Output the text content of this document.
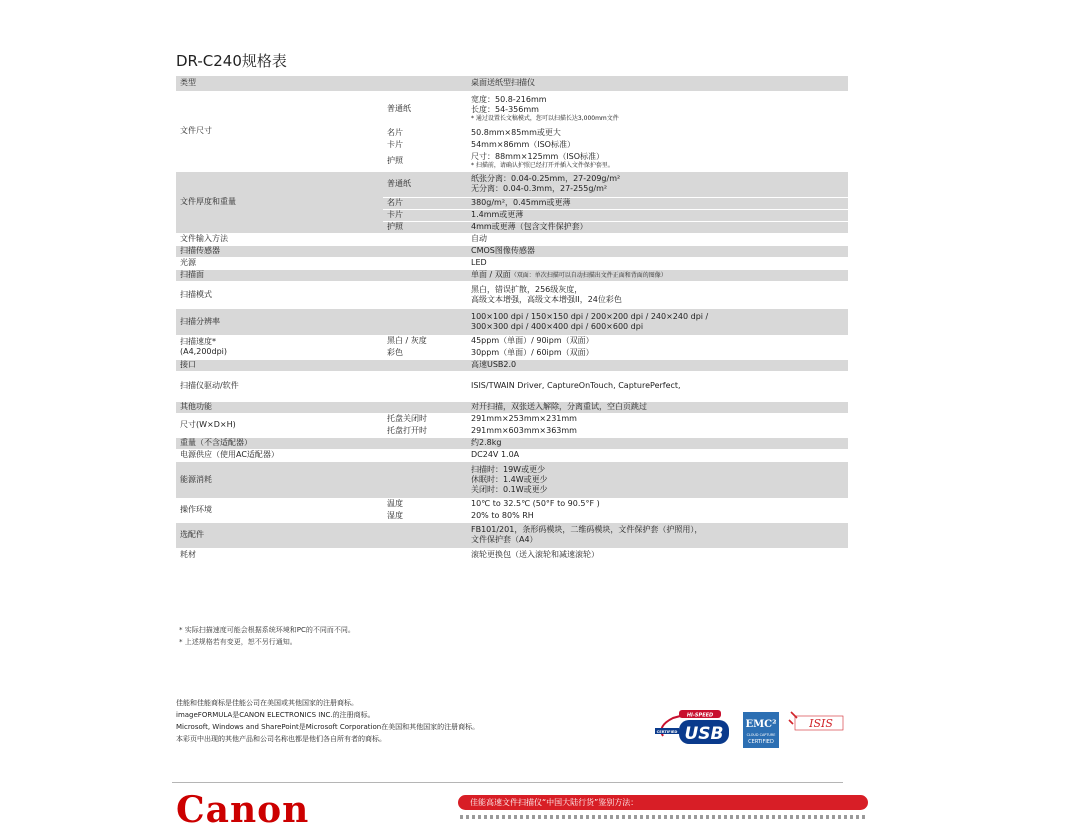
DR-C240规格表
类型		桌面送纸型扫描仪

文件尺寸	普通纸	宽度：50.8-216mm
长度：54-356mm
* 通过设置长文稿模式，您可以扫描长达3,000mm文件

	名片	50.8mm×85mm或更大

	卡片	54mm×86mm（ISO标准）

	护照	尺寸：88mm×125mm（ISO标准）
* 扫描前，请确认护照已经打开并插入文件保护套里。

文件厚度和重量	普通纸	纸张分离：0.04-0.25mm，27-209g/m²
无分离：0.04-0.3mm，27-255g/m²

	名片	380g/m²，0.45mm或更薄

	卡片	1.4mm或更薄

	护照	4mm或更薄（包含文件保护套）

文件输入方法		自动

扫描传感器		CMOS图像传感器

光源		LED

扫描面		单面 / 双面（双面：单次扫描可以自动扫描出文件正面和背面的图像）

扫描模式		黑白，错误扩散，256级灰度，
高级文本增强，高级文本增强II，24位彩色

扫描分辨率		100×100 dpi / 150×150 dpi / 200×200 dpi / 240×240 dpi /
300×300 dpi / 400×400 dpi / 600×600 dpi

扫描速度*
(A4,200dpi)	黑白 / 灰度	45ppm（单面）/ 90ipm（双面）

	彩色	30ppm（单面）/ 60ipm（双面）

接口		高速USB2.0

扫描仪驱动/软件		ISIS/TWAIN Driver, CaptureOnTouch, CapturePerfect,

其他功能		对开扫描，双张送入解除，分离重试，空白页跳过

尺寸(W×D×H)	托盘关闭时	291mm×253mm×231mm

	托盘打开时	291mm×603mm×363mm

重量（不含适配器）		约2.8kg

电源供应（使用AC适配器）		DC24V 1.0A

能源消耗		扫描时：19W或更少
休眠时：1.4W或更少
关闭时：0.1W或更少

操作环境	温度	10℃ to 32.5℃ (50°F to 90.5°F )

	湿度	20% to 80% RH

选配件		FB101/201，条形码模块，二维码模块，文件保护套（护照用），
文件保护套（A4）

耗材		滚轮更换包（送入滚轮和减速滚轮）
* 实际扫描速度可能会根据系统环境和PC的不同而不同。
* 上述规格若有变更，恕不另行通知。
佳能和佳能商标是佳能公司在美国或其他国家的注册商标。
imageFORMULA是CANON ELECTRONICS INC.的注册商标。
Microsoft, Windows and SharePoint是Microsoft Corporation在美国和其他国家的注册商标。
本彩页中出现的其他产品和公司名称也都是他们各自所有者的商标。
HI-SPEED
CERTIFIED USB EMC²
CLOUD CAPTURE
CERTIFIED
ISIS
Canon	佳能高速文件扫描仪“中国大陆行货”鉴别方法：
